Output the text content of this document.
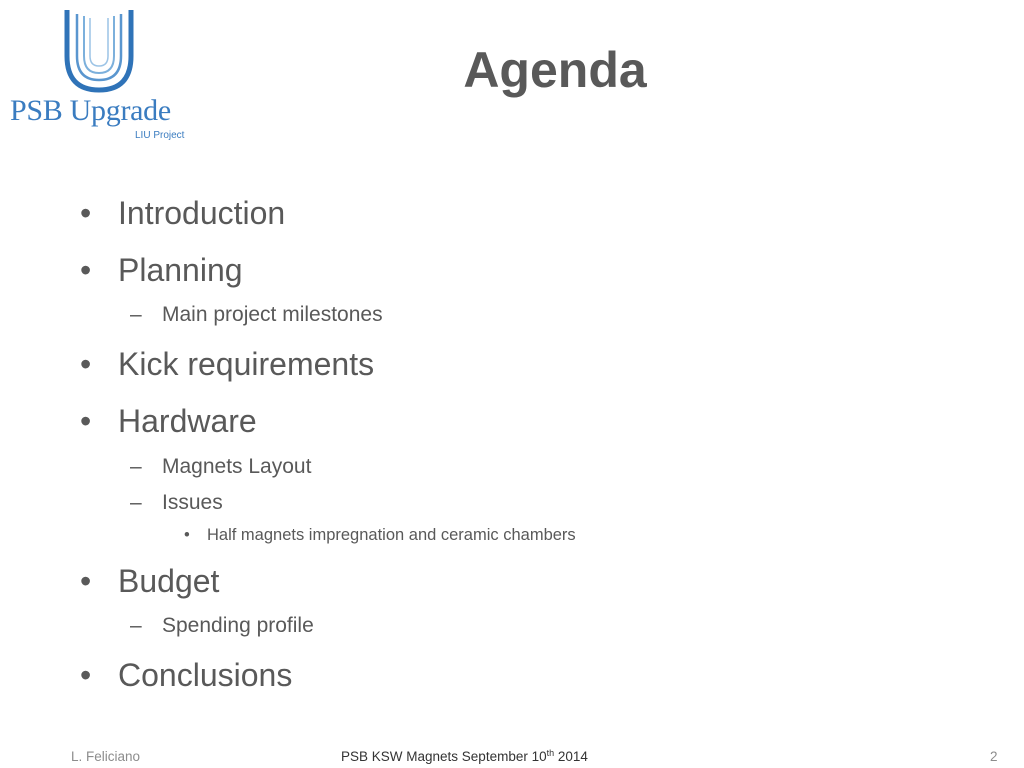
PSB Upgrade
LIU Project
Agenda
• Introduction
• Planning
– Main project milestones
• Kick requirements
• Hardware
– Magnets Layout
– Issues
• Half magnets impregnation and ceramic chambers
• Budget
– Spending profile
• Conclusions
L. Feliciano	PSB KSW Magnets September 10th 2014	2
